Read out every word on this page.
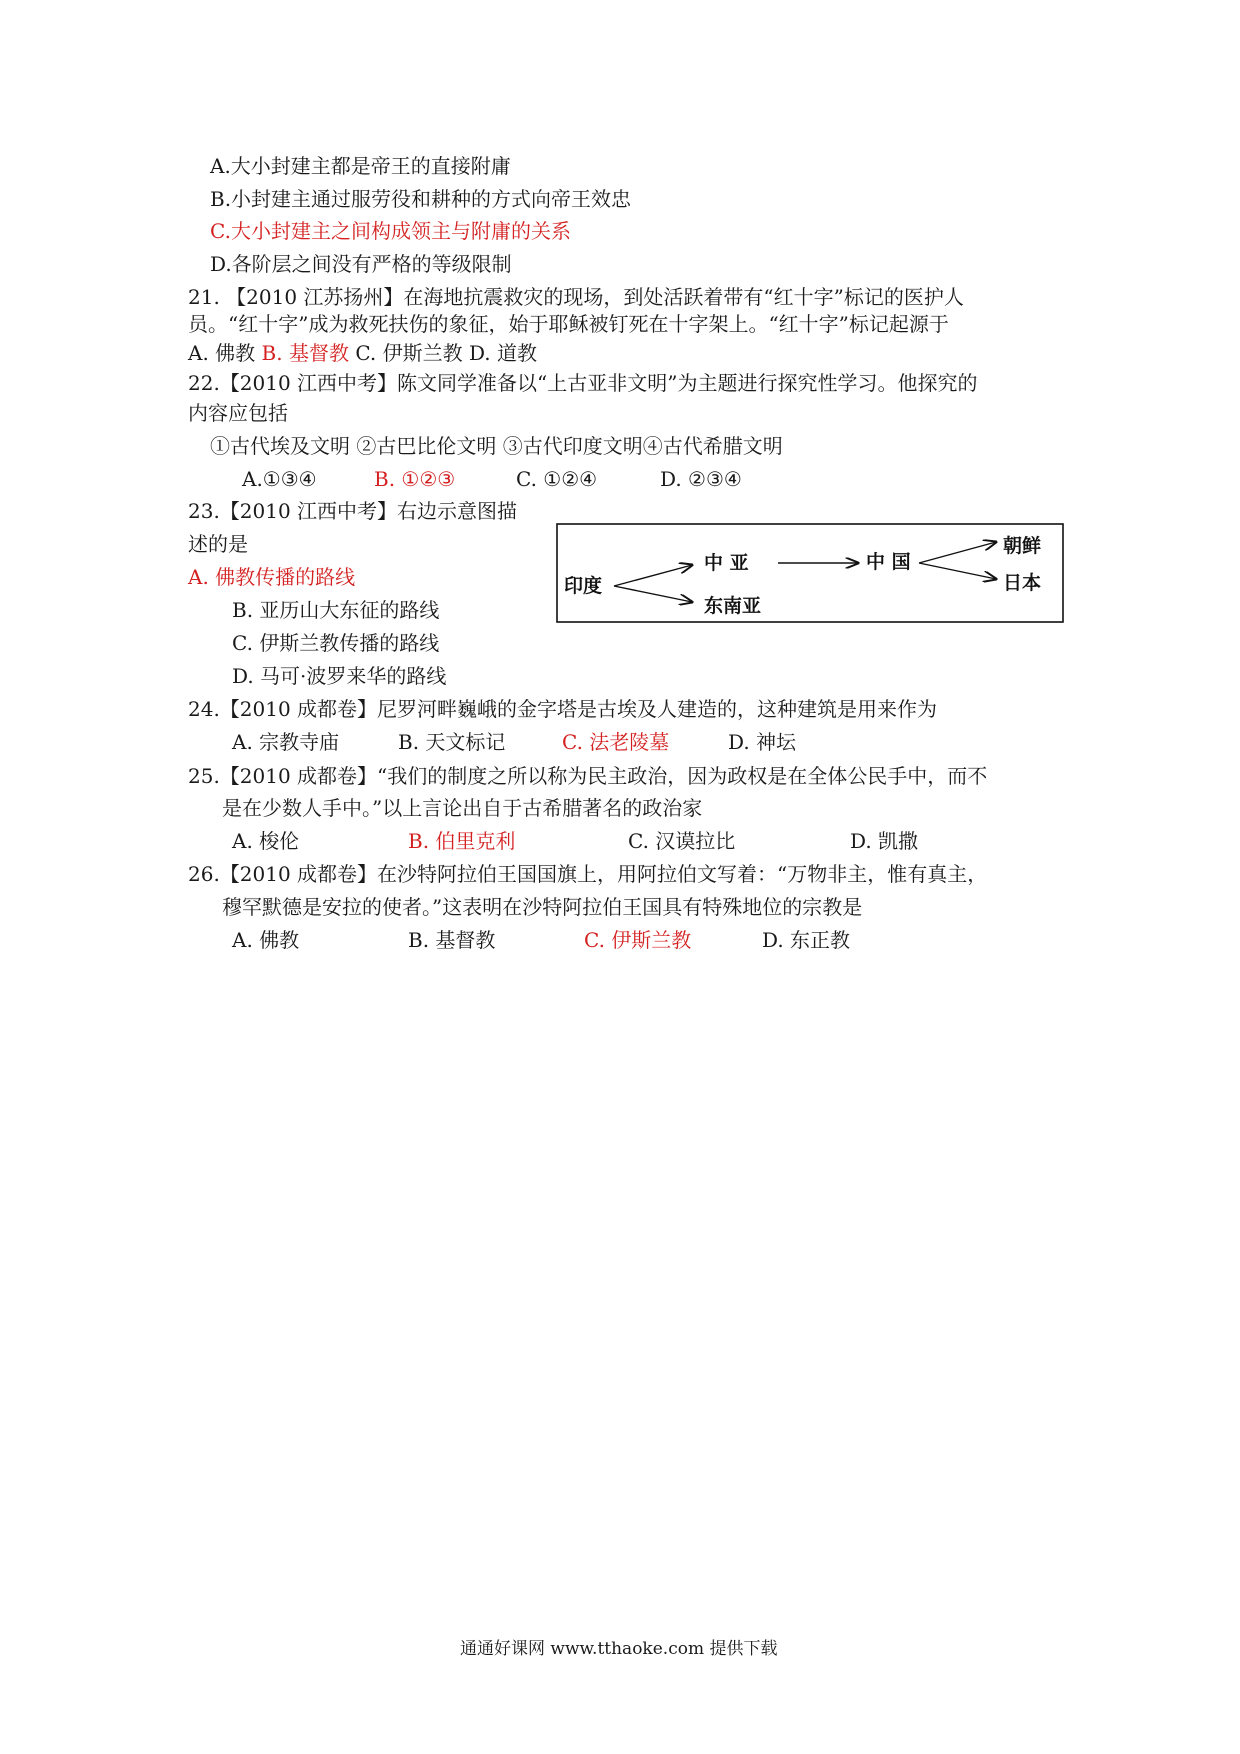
A.大小封建主都是帝王的直接附庸
B.小封建主通过服劳役和耕种的方式向帝王效忠
C.大小封建主之间构成领主与附庸的关系
D.各阶层之间没有严格的等级限制
21. 【2010 江苏扬州】在海地抗震救灾的现场，到处活跃着带有“红十字”标记的医护人
员。“红十字”成为救死扶伤的象征，始于耶稣被钉死在十字架上。“红十字”标记起源于
A. 佛教 B. 基督教 C. 伊斯兰教 D. 道教
22.【2010 江西中考】陈文同学准备以“上古亚非文明”为主题进行探究性学习。他探究的
内容应包括
①古代埃及文明 ②古巴比伦文明 ③古代印度文明④古代希腊文明
A.①③④	B. ①②③	C. ①②④	D. ②③④
23.【2010 江西中考】右边示意图描
述的是
A. 佛教传播的路线
B. 亚历山大东征的路线
C. 伊斯兰教传播的路线
D. 马可·波罗来华的路线
印度
中 亚
东南亚
中 国
朝鲜
日本
24.【2010 成都卷】尼罗河畔巍峨的金字塔是古埃及人建造的，这种建筑是用来作为
A. 宗教寺庙	B. 天文标记	C. 法老陵墓	D. 神坛
25.【2010 成都卷】“我们的制度之所以称为民主政治，因为政权是在全体公民手中，而不
是在少数人手中。”以上言论出自于古希腊著名的政治家
A. 梭伦	B. 伯里克利	C. 汉谟拉比	D. 凯撒
26.【2010 成都卷】在沙特阿拉伯王国国旗上，用阿拉伯文写着：“万物非主，惟有真主，
穆罕默德是安拉的使者。”这表明在沙特阿拉伯王国具有特殊地位的宗教是
A. 佛教	B. 基督教	C. 伊斯兰教	D. 东正教
通通好课网 www.tthaoke.com 提供下载
